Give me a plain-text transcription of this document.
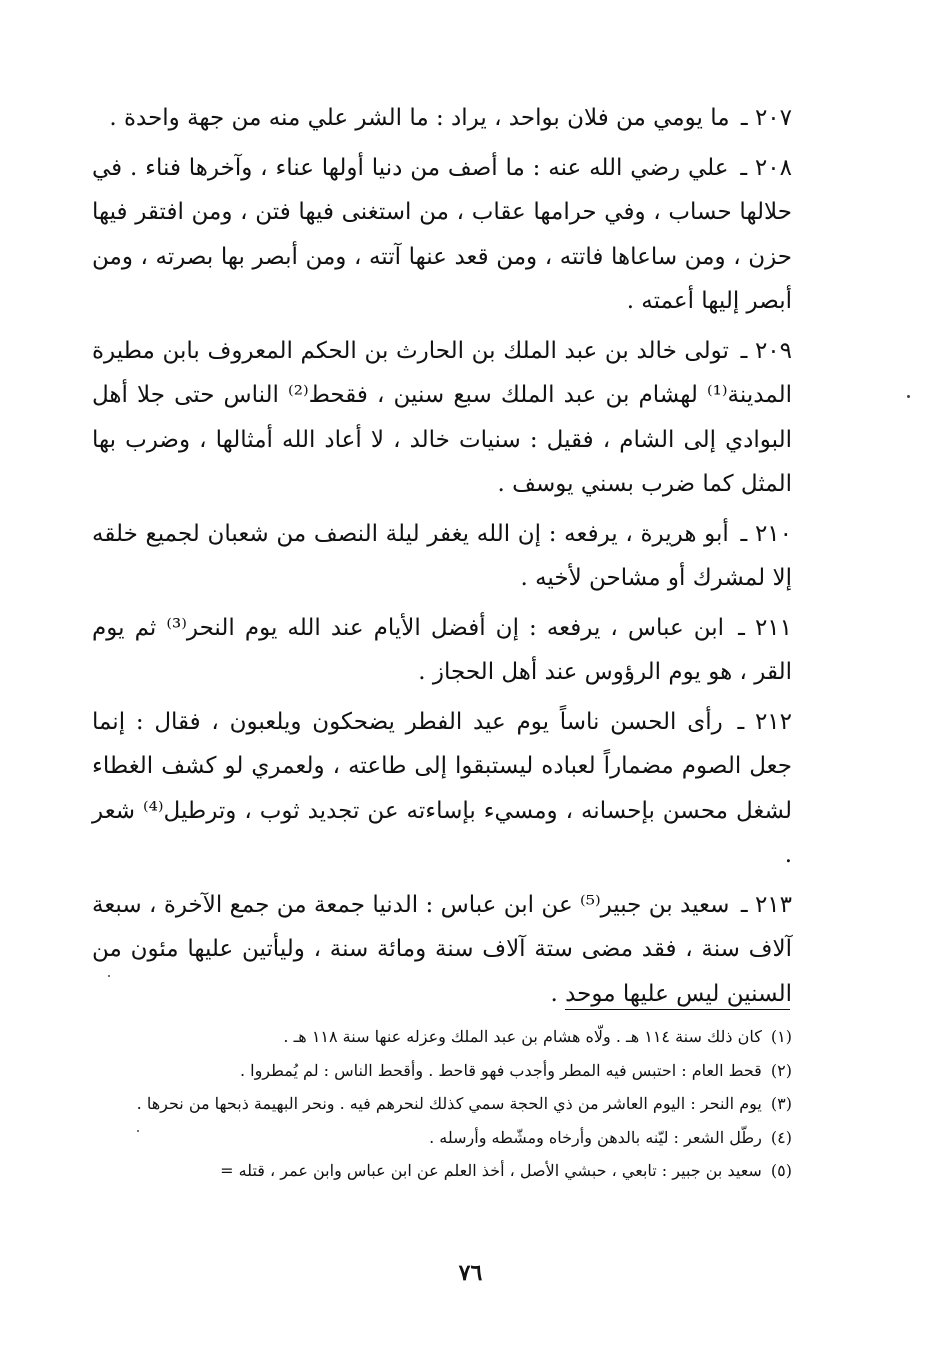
٢٠٧ ـ ما يومي من فلان بواحد ، يراد : ما الشر علي منه من جهة واحدة .

٢٠٨ ـ علي رضي الله عنه : ما أصف من دنيا أولها عناء ، وآخرها فناء . في حلالها حساب ، وفي حرامها عقاب ، من استغنى فيها فتن ، ومن افتقر فيها حزن ، ومن ساعاها فاتته ، ومن قعد عنها آتته ، ومن أبصر بها بصرته ، ومن أبصر إليها أعمته .

٢٠٩ ـ تولى خالد بن عبد الملك بن الحارث بن الحكم المعروف بابن مطيرة المدينة⁽¹⁾ لهشام بن عبد الملك سبع سنين ، فقحط⁽²⁾ الناس حتى جلا أهل البوادي إلى الشام ، فقيل : سنيات خالد ، لا أعاد الله أمثالها ، وضرب بها المثل كما ضرب بسني يوسف .

٢١٠ ـ أبو هريرة ، يرفعه : إن الله يغفر ليلة النصف من شعبان لجميع خلقه إلا لمشرك أو مشاحن لأخيه .

٢١١ ـ ابن عباس ، يرفعه : إن أفضل الأيام عند الله يوم النحر⁽³⁾ ثم يوم القر ، هو يوم الرؤوس عند أهل الحجاز .

٢١٢ ـ رأى الحسن ناساً يوم عيد الفطر يضحكون ويلعبون ، فقال : إنما جعل الصوم مضماراً لعباده ليستبقوا إلى طاعته ، ولعمري لو كشف الغطاء لشغل محسن بإحسانه ، ومسيء بإساءته عن تجديد ثوب ، وترطيل⁽⁴⁾ شعر .

٢١٣ ـ سعيد بن جبير⁽⁵⁾ عن ابن عباس : الدنيا جمعة من جمع الآخرة ، سبعة آلاف سنة ، فقد مضى ستة آلاف سنة ومائة سنة ، وليأتين عليها مئون من السنين ليس عليها موحد .

(١) كان ذلك سنة ١١٤ هـ . ولّاه هشام بن عبد الملك وعزله عنها سنة ١١٨ هـ .

(٢) قحط العام : احتبس فيه المطر وأجدب فهو قاحط . وأقحط الناس : لم يُمطروا .

(٣) يوم النحر : اليوم العاشر من ذي الحجة سمي كذلك لنحرهم فيه . ونحر البهيمة ذبحها من نحرها .

(٤) رطّل الشعر : ليّنه بالدهن وأرخاه ومشّطه وأرسله .

(٥) سعيد بن جبير : تابعي ، حبشي الأصل ، أخذ العلم عن ابن عباس وابن عمر ، قتله =

٧٦
